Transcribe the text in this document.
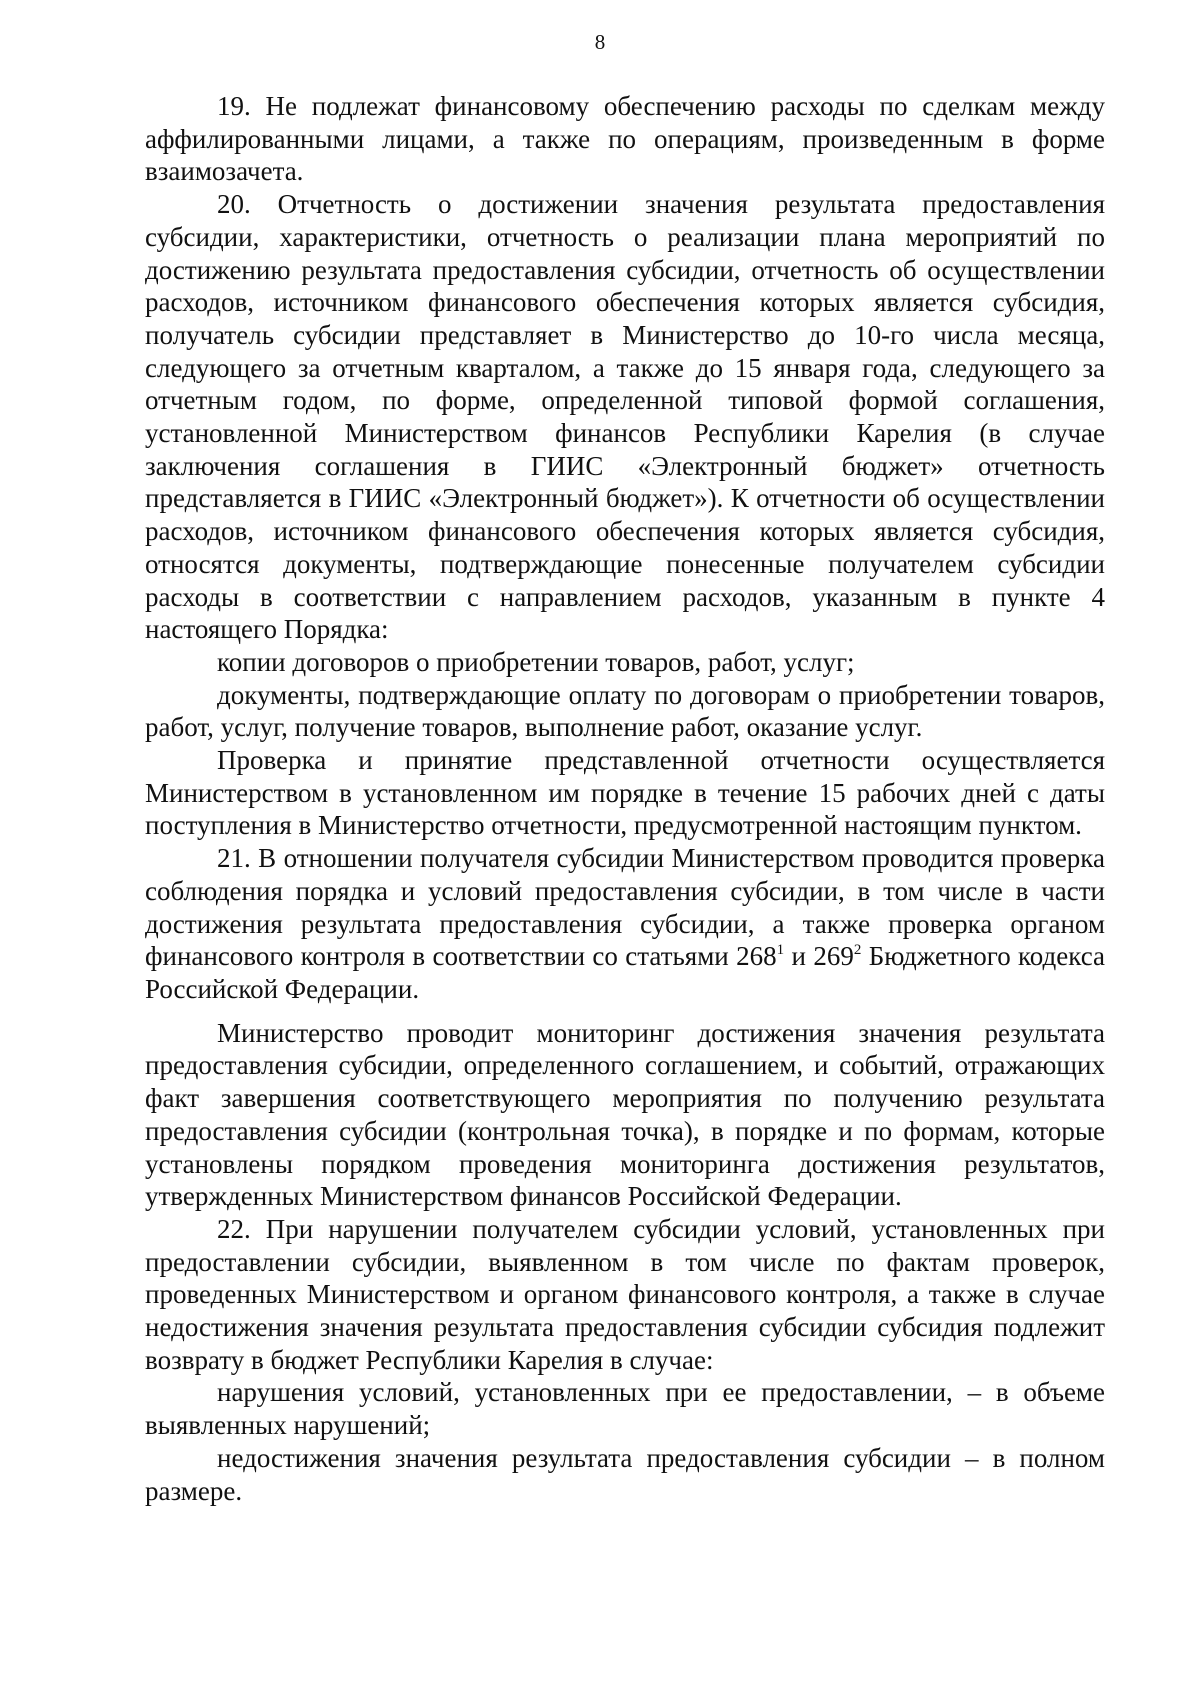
8

19. Не подлежат финансовому обеспечению расходы по сделкам между аффилированными лицами, а также по операциям, произведенным в форме взаимозачета.

20. Отчетность о достижении значения результата предоставления субсидии, характеристики, отчетность о реализации плана мероприятий по достижению результата предоставления субсидии, отчетность об осуществлении расходов, источником финансового обеспечения которых является субсидия, получатель субсидии представляет в Министерство до 10-го числа месяца, следующего за отчетным кварталом, а также до 15 января года, следующего за отчетным годом, по форме, определенной типовой формой соглашения, установленной Министерством финансов Республики Карелия (в случае заключения соглашения в ГИИС «Электронный бюджет» отчетность представляется в ГИИС «Электронный бюджет»). К отчетности об осуществлении расходов, источником финансового обеспечения которых является субсидия, относятся документы, подтверждающие понесенные получателем субсидии расходы в соответствии с направлением расходов, указанным в пункте 4 настоящего Порядка:

копии договоров о приобретении товаров, работ, услуг;

документы, подтверждающие оплату по договорам о приобретении товаров, работ, услуг, получение товаров, выполнение работ, оказание услуг.

Проверка и принятие представленной отчетности осуществляется Министерством в установленном им порядке в течение 15 рабочих дней с даты поступления в Министерство отчетности, предусмотренной настоящим пунктом.

21. В отношении получателя субсидии Министерством проводится проверка соблюдения порядка и условий предоставления субсидии, в том числе в части достижения результата предоставления субсидии, а также проверка органом финансового контроля в соответствии со статьями $268^1$ и $269^2$ Бюджетного кодекса Российской Федерации.

Министерство проводит мониторинг достижения значения результата предоставления субсидии, определенного соглашением, и событий, отражающих факт завершения соответствующего мероприятия по получению результата предоставления субсидии (контрольная точка), в порядке и по формам, которые установлены порядком проведения мониторинга достижения результатов, утвержденных Министерством финансов Российской Федерации.

22. При нарушении получателем субсидии условий, установленных при предоставлении субсидии, выявленном в том числе по фактам проверок, проведенных Министерством и органом финансового контроля, а также в случае недостижения значения результата предоставления субсидии субсидия подлежит возврату в бюджет Республики Карелия в случае:

нарушения условий, установленных при ее предоставлении, – в объеме выявленных нарушений;

недостижения значения результата предоставления субсидии – в полном размере.
